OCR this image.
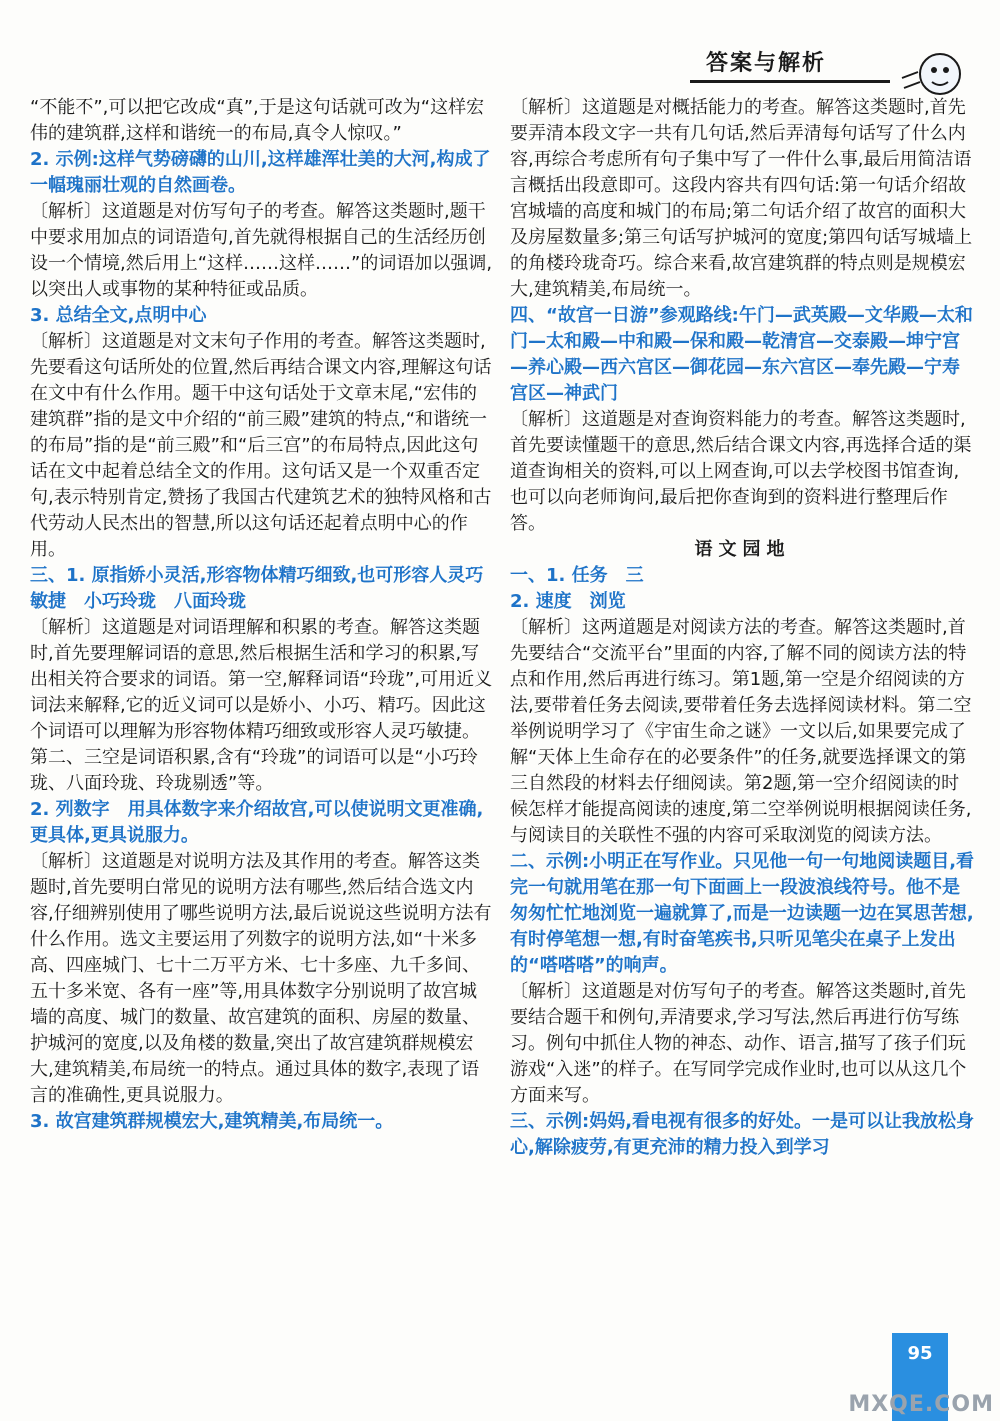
答案与解析

“不能不”,可以把它改成“真”,于是这句话就可改为“这样宏伟的建筑群,这样和谐统一的布局,真令人惊叹。”

2. 示例:这样气势磅礴的山川,这样雄浑壮美的大河,构成了一幅瑰丽壮观的自然画卷。

〔解析〕这道题是对仿写句子的考查。解答这类题时,题干中要求用加点的词语造句,首先就得根据自己的生活经历创设一个情境,然后用上“这样……这样……”的词语加以强调,以突出人或事物的某种特征或品质。

3. 总结全文,点明中心

〔解析〕这道题是对文末句子作用的考查。解答这类题时,先要看这句话所处的位置,然后再结合课文内容,理解这句话在文中有什么作用。题干中这句话处于文章末尾,“宏伟的建筑群”指的是文中介绍的“前三殿”建筑的特点,“和谐统一的布局”指的是“前三殿”和“后三宫”的布局特点,因此这句话在文中起着总结全文的作用。这句话又是一个双重否定句,表示特别肯定,赞扬了我国古代建筑艺术的独特风格和古代劳动人民杰出的智慧,所以这句话还起着点明中心的作用。

三、1. 原指娇小灵活,形容物体精巧细致,也可形容人灵巧敏捷　小巧玲珑　八面玲珑

〔解析〕这道题是对词语理解和积累的考查。解答这类题时,首先要理解词语的意思,然后根据生活和学习的积累,写出相关符合要求的词语。第一空,解释词语“玲珑”,可用近义词法来解释,它的近义词可以是娇小、小巧、精巧。因此这个词语可以理解为形容物体精巧细致或形容人灵巧敏捷。第二、三空是词语积累,含有“玲珑”的词语可以是“小巧玲珑、八面玲珑、玲珑剔透”等。

2. 列数字　用具体数字来介绍故宫,可以使说明文更准确,更具体,更具说服力。

〔解析〕这道题是对说明方法及其作用的考查。解答这类题时,首先要明白常见的说明方法有哪些,然后结合选文内容,仔细辨别使用了哪些说明方法,最后说说这些说明方法有什么作用。选文主要运用了列数字的说明方法,如“十米多高、四座城门、七十二万平方米、七十多座、九千多间、五十多米宽、各有一座”等,用具体数字分别说明了故宫城墙的高度、城门的数量、故宫建筑的面积、房屋的数量、护城河的宽度,以及角楼的数量,突出了故宫建筑群规模宏大,建筑精美,布局统一的特点。通过具体的数字,表现了语言的准确性,更具说服力。

3. 故宫建筑群规模宏大,建筑精美,布局统一。

〔解析〕这道题是对概括能力的考查。解答这类题时,首先要弄清本段文字一共有几句话,然后弄清每句话写了什么内容,再综合考虑所有句子集中写了一件什么事,最后用简洁语言概括出段意即可。这段内容共有四句话:第一句话介绍故宫城墙的高度和城门的布局;第二句话介绍了故宫的面积大及房屋数量多;第三句话写护城河的宽度;第四句话写城墙上的角楼玲珑奇巧。综合来看,故宫建筑群的特点则是规模宏大,建筑精美,布局统一。

四、“故宫一日游”参观路线:午门—武英殿—文华殿—太和门—太和殿—中和殿—保和殿—乾清宫—交泰殿—坤宁宫—养心殿—西六宫区—御花园—东六宫区—奉先殿—宁寿宫区—神武门

〔解析〕这道题是对查询资料能力的考查。解答这类题时,首先要读懂题干的意思,然后结合课文内容,再选择合适的渠道查询相关的资料,可以上网查询,可以去学校图书馆查询,也可以向老师询问,最后把你查询到的资料进行整理后作答。

语文园地

一、1. 任务　三

2. 速度　浏览

〔解析〕这两道题是对阅读方法的考查。解答这类题时,首先要结合“交流平台”里面的内容,了解不同的阅读方法的特点和作用,然后再进行练习。第1题,第一空是介绍阅读的方法,要带着任务去阅读,要带着任务去选择阅读材料。第二空举例说明学习了《宇宙生命之谜》一文以后,如果要完成了解“天体上生命存在的必要条件”的任务,就要选择课文的第三自然段的材料去仔细阅读。第2题,第一空介绍阅读的时候怎样才能提高阅读的速度,第二空举例说明根据阅读任务,与阅读目的关联性不强的内容可采取浏览的阅读方法。

二、示例:小明正在写作业。只见他一句一句地阅读题目,看完一句就用笔在那一句下面画上一段波浪线符号。他不是匆匆忙忙地浏览一遍就算了,而是一边读题一边在冥思苦想,有时停笔想一想,有时奋笔疾书,只听见笔尖在桌子上发出的“嗒嗒嗒”的响声。

〔解析〕这道题是对仿写句子的考查。解答这类题时,首先要结合题干和例句,弄清要求,学习写法,然后再进行仿写练习。例句中抓住人物的神态、动作、语言,描写了孩子们玩游戏“入迷”的样子。在写同学完成作业时,也可以从这几个方面来写。

三、示例:妈妈,看电视有很多的好处。一是可以让我放松身心,解除疲劳,有更充沛的精力投入到学习

95
MXQE.COM
